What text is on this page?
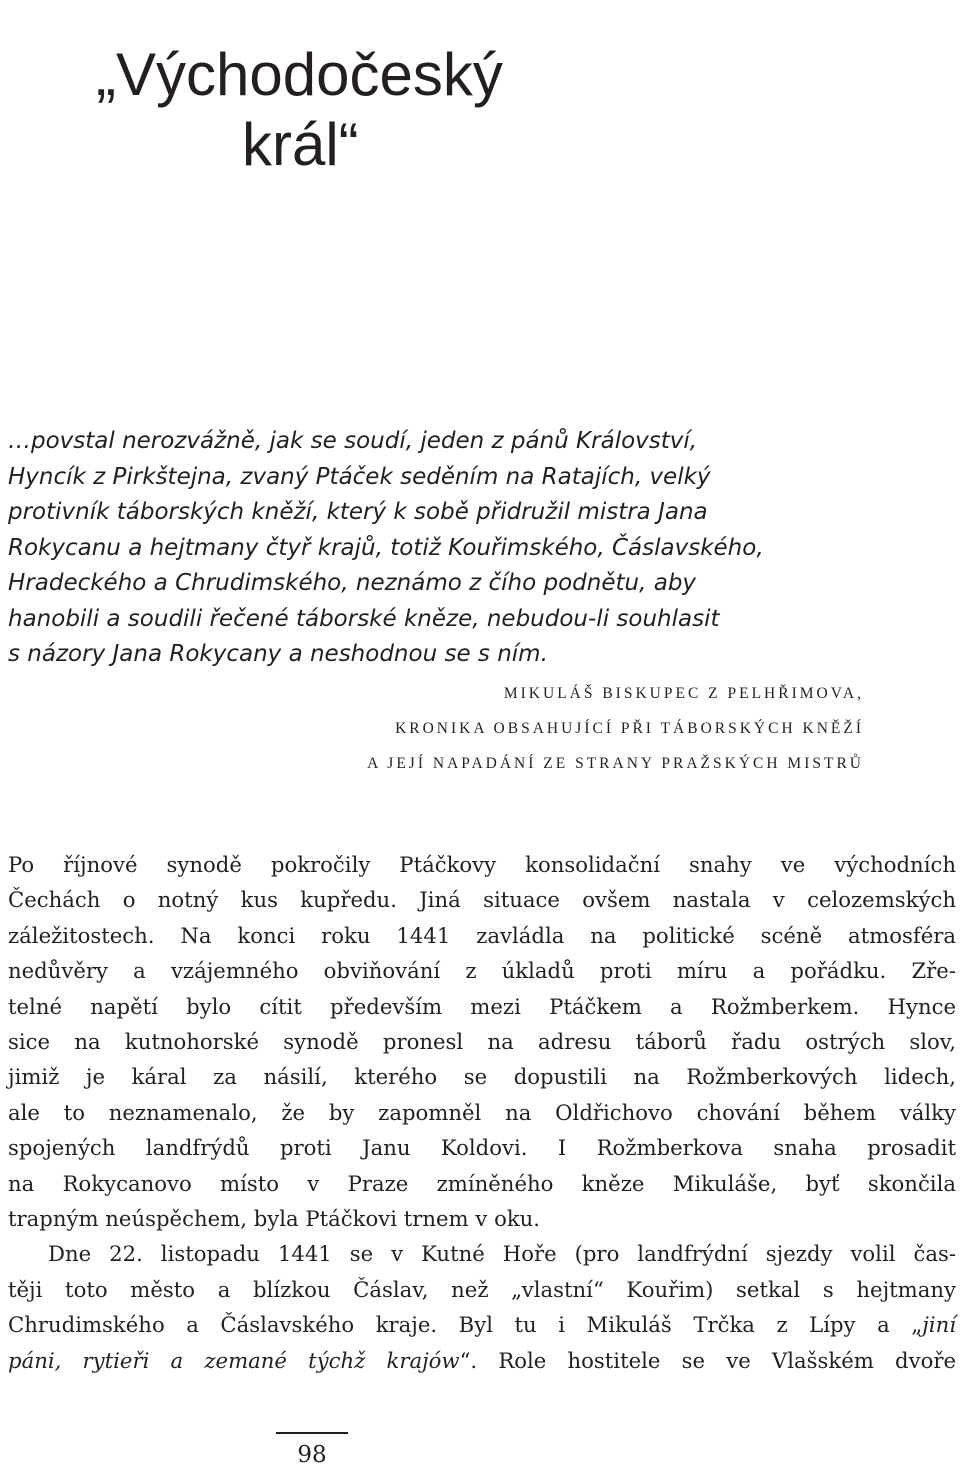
„Východočeský
král“
…povstal nerozvážně, jak se soudí, jeden z pánů Království,
Hyncík z Pirkštejna, zvaný Ptáček seděním na Ratajích, velký
protivník táborských kněží, který k sobě přidružil mistra Jana
Rokycanu a hejtmany čtyř krajů, totiž Kouřimského, Čáslavského,
Hradeckého a Chrudimského, neznámo z čího podnětu, aby
hanobili a soudili řečené táborské kněze, nebudou-li souhlasit
s názory Jana Rokycany a neshodnou se s ním.
MIKULÁŠ BISKUPEC Z PELHŘIMOVA,
KRONIKA OBSAHUJÍCÍ PŘI TÁBORSKÝCH KNĚŽÍ
A JEJÍ NAPADÁNÍ ZE STRANY PRAŽSKÝCH MISTRŮ
Po říjnové synodě pokročily Ptáčkovy konsolidační snahy ve východních
Čechách o notný kus kupředu. Jiná situace ovšem nastala v celozemských
záležitostech. Na konci roku 1441 zavládla na politické scéně atmosféra
nedůvěry a vzájemného obviňování z úkladů proti míru a pořádku. Zře-
telné napětí bylo cítit především mezi Ptáčkem a Rožmberkem. Hynce
sice na kutnohorské synodě pronesl na adresu táborů řadu ostrých slov,
jimiž je káral za násilí, kterého se dopustili na Rožmberkových lidech,
ale to neznamenalo, že by zapomněl na Oldřichovo chování během války
spojených landfrýdů proti Janu Koldovi. I Rožmberkova snaha prosadit
na Rokycanovo místo v Praze zmíněného kněze Mikuláše, byť skončila
trapným neúspěchem, byla Ptáčkovi trnem v oku.
Dne 22. listopadu 1441 se v Kutné Hoře (pro landfrýdní sjezdy volil čas-
těji toto město a blízkou Čáslav, než „vlastní“ Kouřim) setkal s hejtmany
Chrudimského a Čáslavského kraje. Byl tu i Mikuláš Trčka z Lípy a „jiní
páni, rytieři a zemané týchž krajów“. Role hostitele se ve Vlašském dvoře
98
